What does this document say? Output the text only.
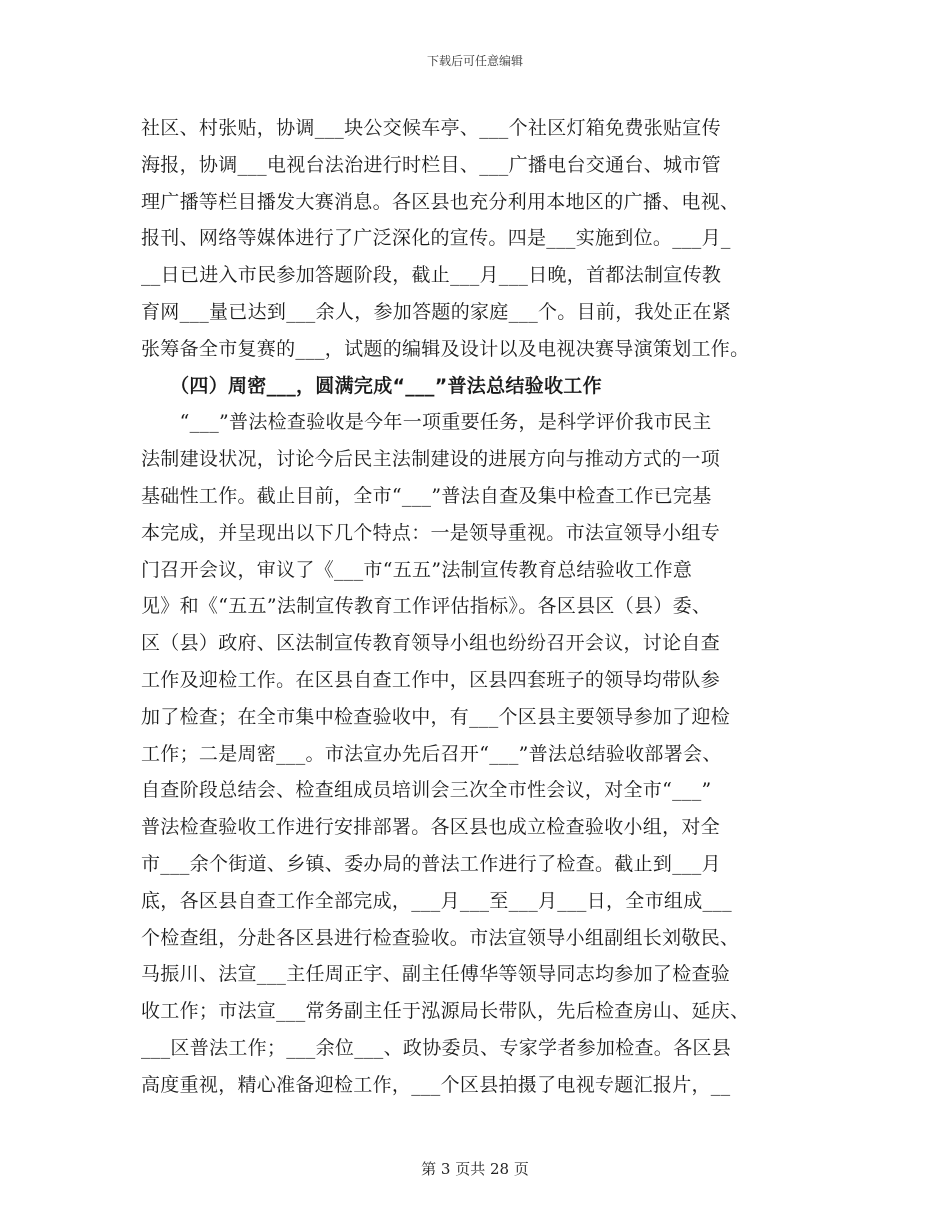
下载后可任意编辑
社区、村张贴，协调___块公交候车亭、___个社区灯箱免费张贴宣传
海报，协调___电视台法治进行时栏目、___广播电台交通台、城市管
理广播等栏目播发大赛消息。各区县也充分利用本地区的广播、电视、
报刊、网络等媒体进行了广泛深化的宣传。四是___实施到位。___月_
__日已进入市民参加答题阶段，截止___月___日晚，首都法制宣传教
育网___量已达到___余人，参加答题的家庭___个。目前，我处正在紧
张筹备全市复赛的___，试题的编辑及设计以及电视决赛导演策划工作。
　　（四）周密___，圆满完成“___”普法总结验收工作
　　“___”普法检查验收是今年一项重要任务，是科学评价我市民主
法制建设状况，讨论今后民主法制建设的进展方向与推动方式的一项
基础性工作。截止目前，全市“___”普法自查及集中检查工作已完基
本完成，并呈现出以下几个特点：一是领导重视。市法宣领导小组专
门召开会议，审议了《___市“五五”法制宣传教育总结验收工作意
见》和《“五五”法制宣传教育工作评估指标》。各区县区（县）委、
区（县）政府、区法制宣传教育领导小组也纷纷召开会议，讨论自查
工作及迎检工作。在区县自查工作中，区县四套班子的领导均带队参
加了检查；在全市集中检查验收中，有___个区县主要领导参加了迎检
工作；二是周密___。市法宣办先后召开“___”普法总结验收部署会、
自查阶段总结会、检查组成员培训会三次全市性会议，对全市“___”
普法检查验收工作进行安排部署。各区县也成立检查验收小组，对全
市___余个街道、乡镇、委办局的普法工作进行了检查。截止到___月
底，各区县自查工作全部完成，___月___至___月___日，全市组成___
个检查组，分赴各区县进行检查验收。市法宣领导小组副组长刘敬民、
马振川、法宣___主任周正宇、副主任傅华等领导同志均参加了检查验
收工作；市法宣___常务副主任于泓源局长带队，先后检查房山、延庆、
___区普法工作；___余位___、政协委员、专家学者参加检查。各区县
高度重视，精心准备迎检工作，___个区县拍摄了电视专题汇报片，__
第 3 页共 28 页
